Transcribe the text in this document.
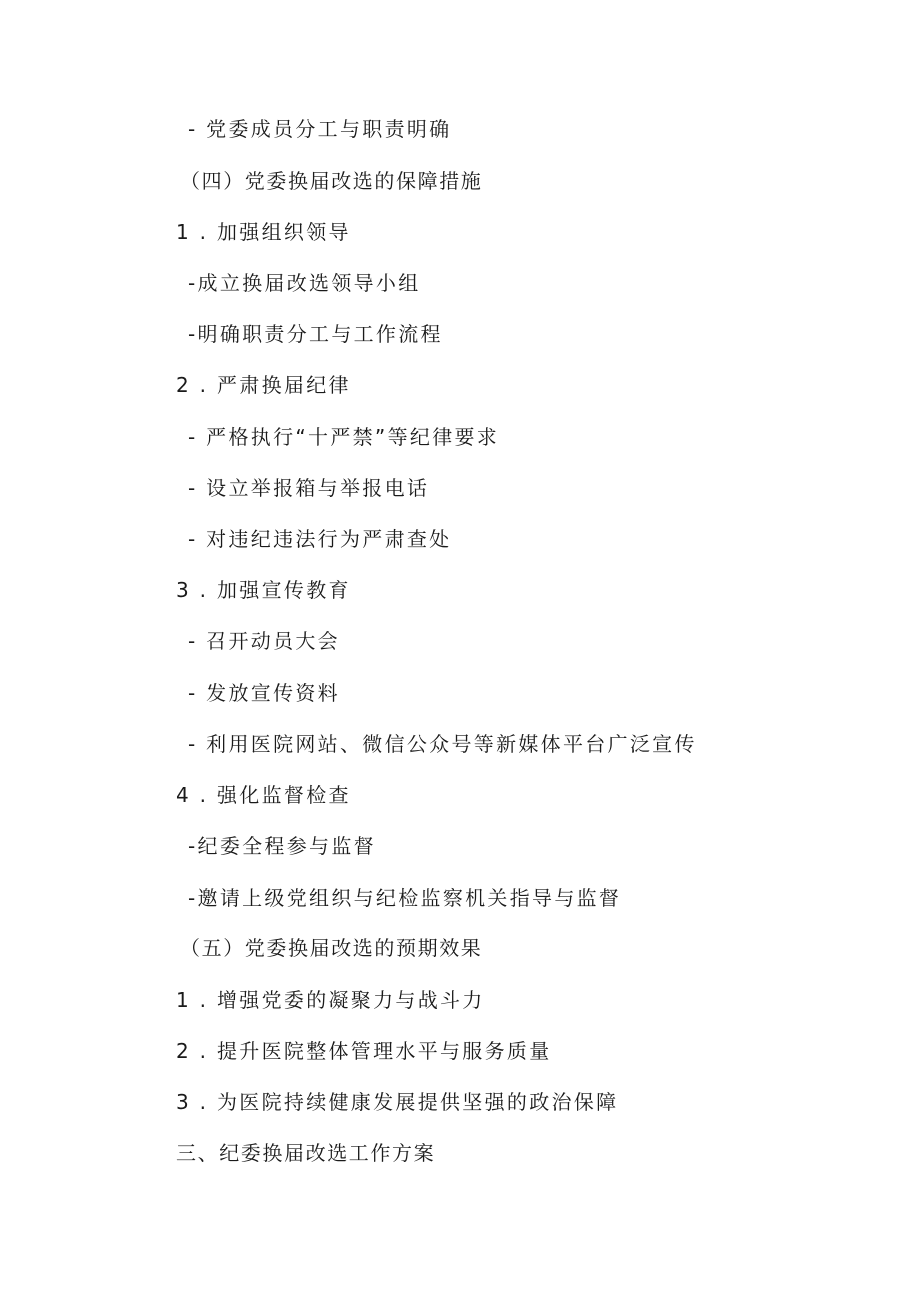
- 党委成员分工与职责明确
（四）党委换届改选的保障措施
1 . 加强组织领导
-成立换届改选领导小组
-明确职责分工与工作流程
2 . 严肃换届纪律
- 严格执行“十严禁”等纪律要求
- 设立举报箱与举报电话
- 对违纪违法行为严肃查处
3 . 加强宣传教育
- 召开动员大会
- 发放宣传资料
- 利用医院网站、微信公众号等新媒体平台广泛宣传
4 . 强化监督检查
-纪委全程参与监督
-邀请上级党组织与纪检监察机关指导与监督
（五）党委换届改选的预期效果
1 . 增强党委的凝聚力与战斗力
2 . 提升医院整体管理水平与服务质量
3 . 为医院持续健康发展提供坚强的政治保障
三、纪委换届改选工作方案
